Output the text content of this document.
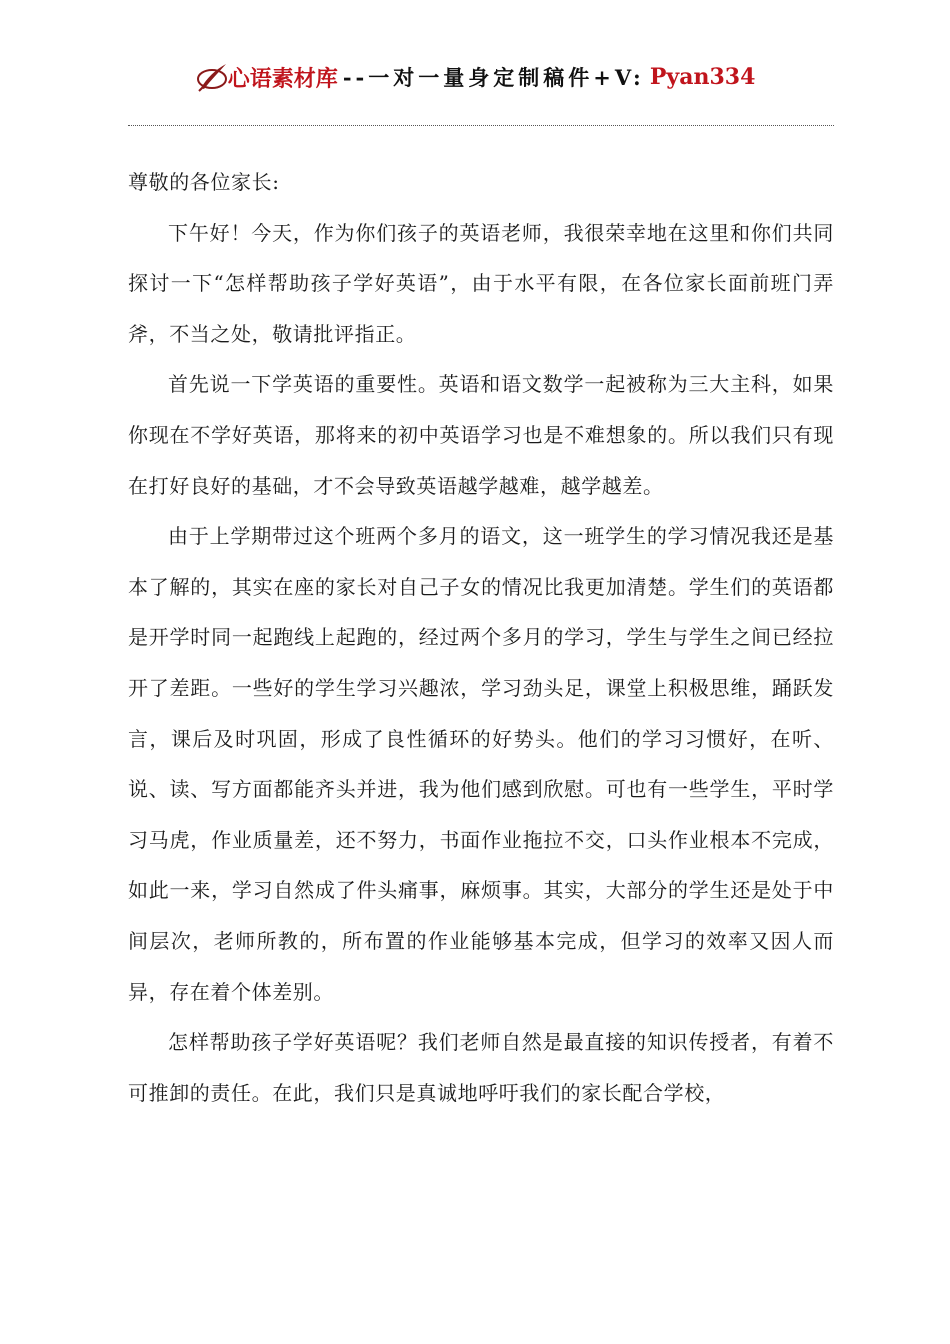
心语素材库 --一对一量身定制稿件+V: Pyan334

尊敬的各位家长:

下午好！今天，作为你们孩子的英语老师，我很荣幸地在这里和你们共同探讨一下“怎样帮助孩子学好英语”，由于水平有限，在各位家长面前班门弄斧，不当之处，敬请批评指正。

首先说一下学英语的重要性。英语和语文数学一起被称为三大主科，如果你现在不学好英语，那将来的初中英语学习也是不难想象的。所以我们只有现在打好良好的基础，才不会导致英语越学越难，越学越差。

由于上学期带过这个班两个多月的语文，这一班学生的学习情况我还是基本了解的，其实在座的家长对自己子女的情况比我更加清楚。学生们的英语都是开学时同一起跑线上起跑的，经过两个多月的学习，学生与学生之间已经拉开了差距。一些好的学生学习兴趣浓，学习劲头足，课堂上积极思维，踊跃发言，课后及时巩固，形成了良性循环的好势头。他们的学习习惯好，在听、说、读、写方面都能齐头并进，我为他们感到欣慰。可也有一些学生，平时学习马虎，作业质量差，还不努力，书面作业拖拉不交，口头作业根本不完成，如此一来，学习自然成了件头痛事，麻烦事。其实，大部分的学生还是处于中间层次，老师所教的，所布置的作业能够基本完成，但学习的效率又因人而异，存在着个体差别。

怎样帮助孩子学好英语呢？我们老师自然是最直接的知识传授者，有着不可推卸的责任。在此，我们只是真诚地呼吁我们的家长配合学校，
